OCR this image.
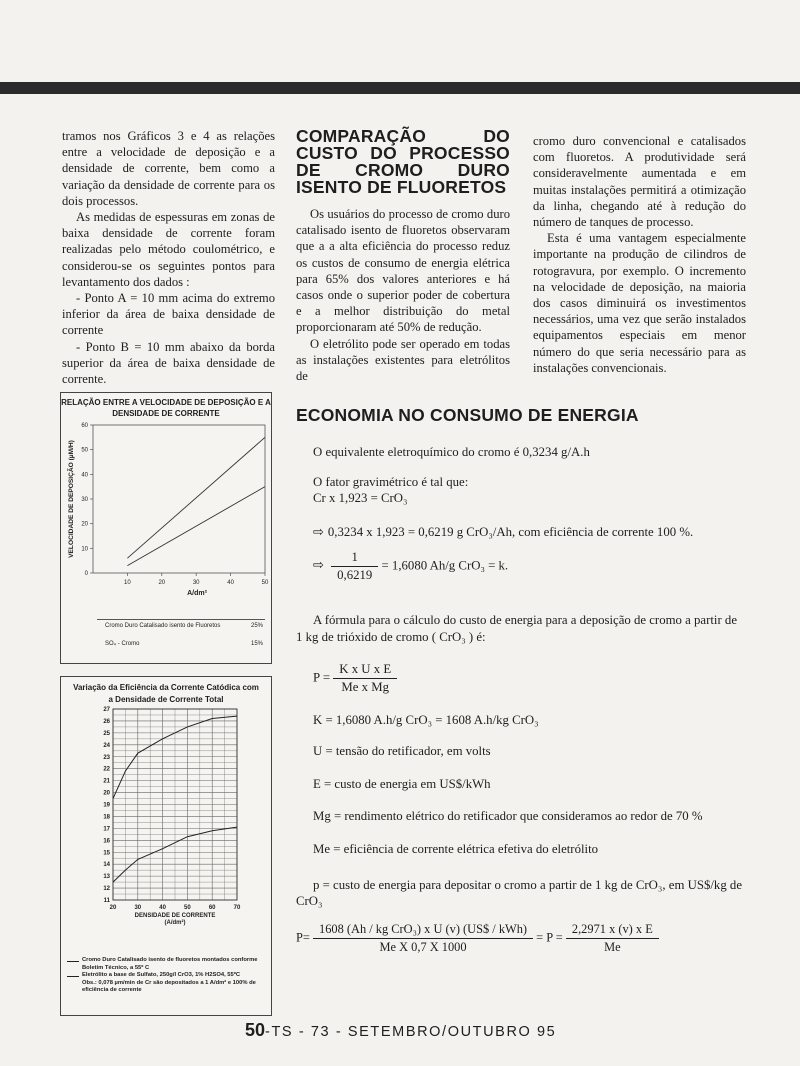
tramos nos Gráficos 3 e 4 as relações entre a velocidade de deposição e a densidade de corrente, bem como a variação da densidade de corrente para os dois processos.

As medidas de espessuras em zonas de baixa densidade de corrente foram realizadas pelo método coulométrico, e considerou-se os seguintes pontos para levantamento dos dados :

- Ponto A = 10 mm acima do extremo inferior da área de baixa densidade de corrente

- Ponto B = 10 mm abaixo da borda superior da área de baixa densidade de corrente.

RELAÇÃO ENTRE A VELOCIDADE DE DEPOSIÇÃO E A DENSIDADE DE CORRENTE
0
10
20
30
40
50
60
10	20	30	40	50
A/dm²
VELOCIDADE DE DEPOSIÇÃO (µM/H)
Cromo Duro Catalisado isento de Fluoretos	25%
SO₄ - Cromo	15%
Variação da Eficiência da Corrente Catódica com a Densidade de Corrente Total
11
12
13
14
15
16
17
18
19
20
21
22
23
24
25
26
27
20	30	40	50	60	70
DENSIDADE DE CORRENTE
(A/dm²)
Cromo Duro Catalisado isento de fluoretos montados conforme Boletim Técnico, a 55º C
Eletrólito a base de Sulfato, 250g/l CrO3, 1% H2SO4, 55ºC
Obs.: 0,078 µm/min de Cr são depositados a 1 A/dm² e 100% de eficiência de corrente
COMPARAÇÃO DO CUSTO DO PROCESSO DE CROMO DURO ISENTO DE FLUORETOS

Os usuários do processo de cromo duro catalisado isento de fluoretos observaram que a a alta eficiência do processo reduz os custos de consumo de energia elétrica para 65% dos valores anteriores e há casos onde o superior poder de cobertura e a melhor distribuição do metal proporcionaram até 50% de redução.

O eletrólito pode ser operado em todas as instalações existentes para eletrólitos de

cromo duro convencional e catalisados com fluoretos. A produtividade será consideravelmente aumentada e em muitas instalações permitirá a otimização da linha, chegando até à redução do número de tanques de processo.

Esta é uma vantagem especialmente importante na produção de cilindros de rotogravura, por exemplo. O incremento na velocidade de deposição, na maioria dos casos diminuirá os investimentos necessários, uma vez que serão instalados equipamentos especiais em menor número do que seria necessário para as instalações convencionais.

ECONOMIA NO CONSUMO DE ENERGIA
O equivalente eletroquímico do cromo é 0,3234 g/A.h
O fator gravimétrico é tal que:
Cr x 1,923 = CrO₃
⇨ 0,3234 x 1,923 = 0,6219 g CrO₃/Ah, com eficiência de corrente 100 %.
⇨ $\frac{1}{0,6219} = 1,6080$ Ah/g CrO₃ = k.
A fórmula para o cálculo do custo de energia para a deposição de cromo a partir de 1 kg de trióxido de cromo ( CrO₃ ) é:
$P = \frac{\text{K x U x E}}{\text{Me x Mg}}$
K = 1,6080 A.h/g CrO₃ = 1608 A.h/kg CrO₃
U = tensão do retificador, em volts
E = custo de energia em US$/kWh
Mg = rendimento elétrico do retificador que consideramos ao redor de 70 %
Me = eficiência de corrente elétrica efetiva do eletrólito
p = custo de energia para depositar o cromo a partir de 1 kg de CrO₃, em US$/kg de CrO₃
$P= \frac{\text{1608 (Ah / kg CrO₃) x U (v) (US\$ / kWh)}}{\text{Me X 0,7 X 1000}} = P = \frac{\text{2,2971 x (v) x E}}{Me}$
50-TS - 73 - SETEMBRO/OUTUBRO 95
